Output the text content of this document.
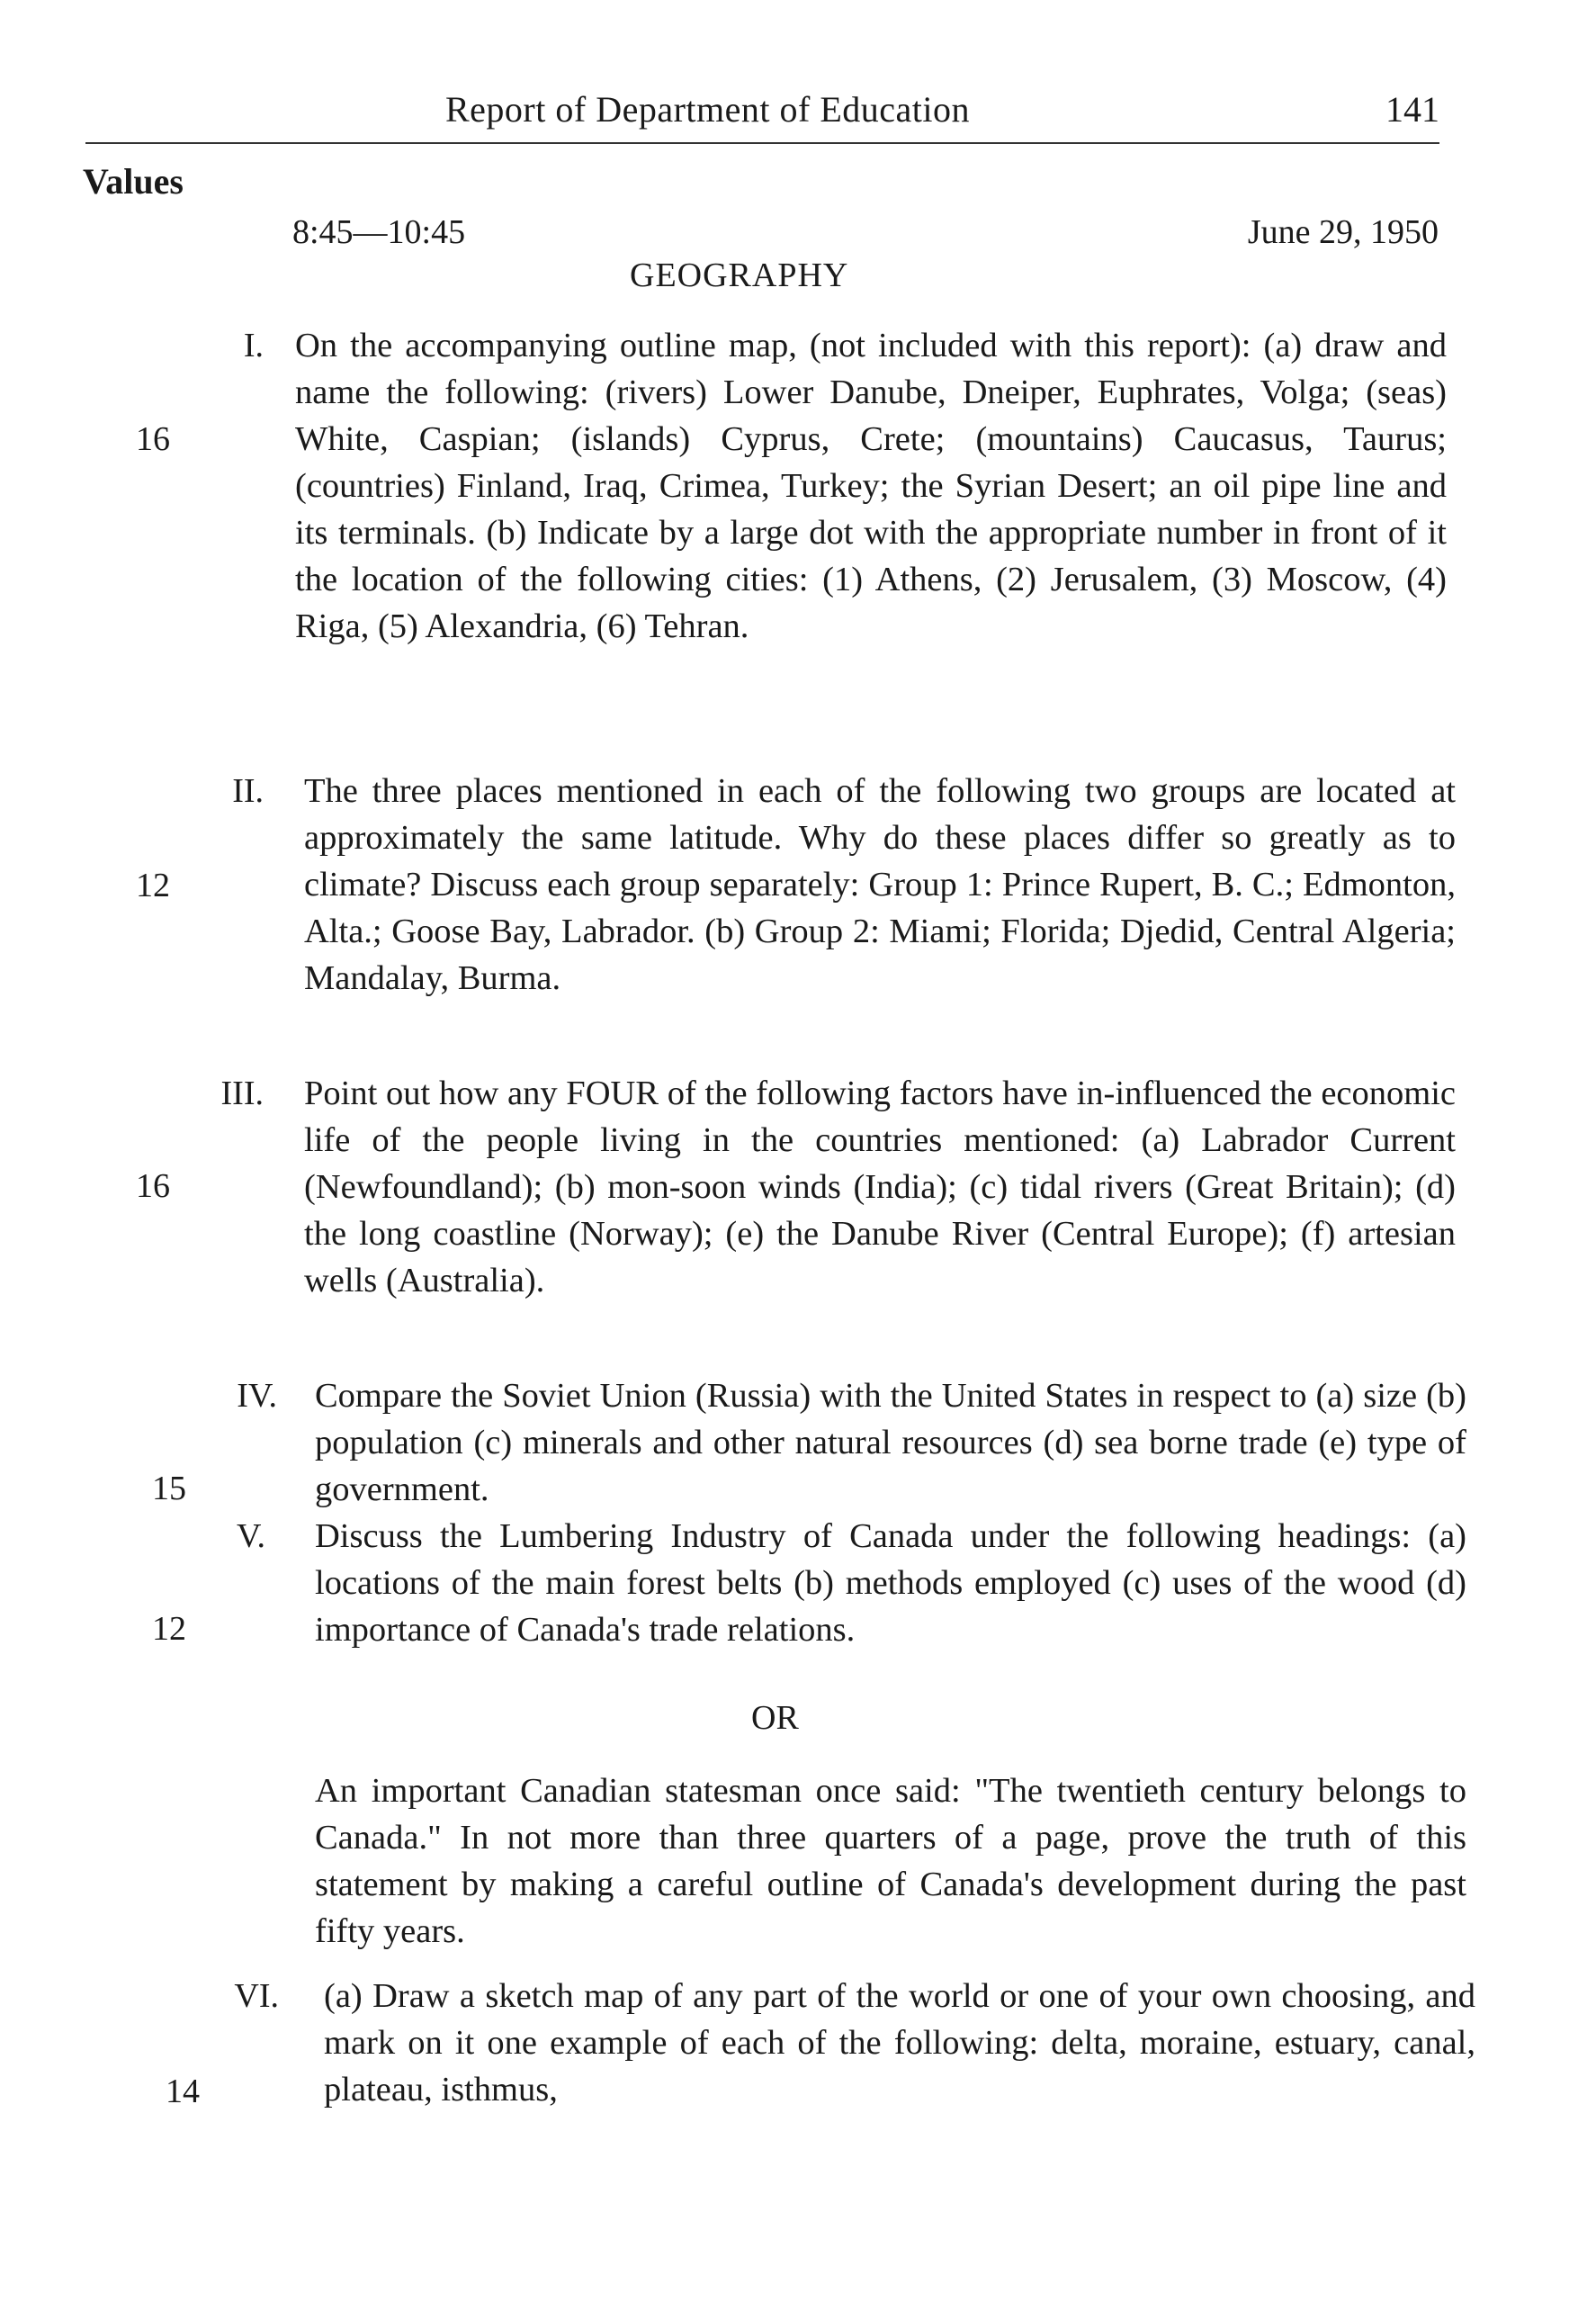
Report of Department of Education	141
Values
8:45—10:45	June 29, 1950
GEOGRAPHY
I.
16

On the accompanying outline map, (not included with this report): (a) draw and name the following: (rivers) Lower Danube, Dneiper, Euphrates, Volga; (seas) White, Caspian; (islands) Cyprus, Crete; (mountains) Caucasus, Taurus; (countries) Finland, Iraq, Crimea, Turkey; the Syrian Desert; an oil pipe line and its terminals. (b) Indicate by a large dot with the appropriate number in front of it the location of the following cities: (1) Athens, (2) Jerusalem, (3) Moscow, (4) Riga, (5) Alexandria, (6) Tehran.

II.
12

The three places mentioned in each of the following two groups are located at approximately the same latitude. Why do these places differ so greatly as to climate? Discuss each group separately: Group 1: Prince Rupert, B. C.; Edmonton, Alta.; Goose Bay, Labrador. (b) Group 2: Miami; Florida; Djedid, Central Algeria; Mandalay, Burma.

III.
16

Point out how any FOUR of the following factors have in-influenced the economic life of the people living in the countries mentioned: (a) Labrador Current (Newfoundland); (b) mon-soon winds (India); (c) tidal rivers (Great Britain); (d) the long coastline (Norway); (e) the Danube River (Central Europe); (f) artesian wells (Australia).

IV.
15

Compare the Soviet Union (Russia) with the United States in respect to (a) size (b) population (c) minerals and other natural resources (d) sea borne trade (e) type of government.

V.
12

Discuss the Lumbering Industry of Canada under the following headings: (a) locations of the main forest belts (b) methods employed (c) uses of the wood (d) importance of Canada's trade relations.

OR

An important Canadian statesman once said: "The twentieth century belongs to Canada." In not more than three quarters of a page, prove the truth of this statement by making a careful outline of Canada's development during the past fifty years.

VI.
14

(a) Draw a sketch map of any part of the world or one of your own choosing, and mark on it one example of each of the following: delta, moraine, estuary, canal, plateau, isthmus,
